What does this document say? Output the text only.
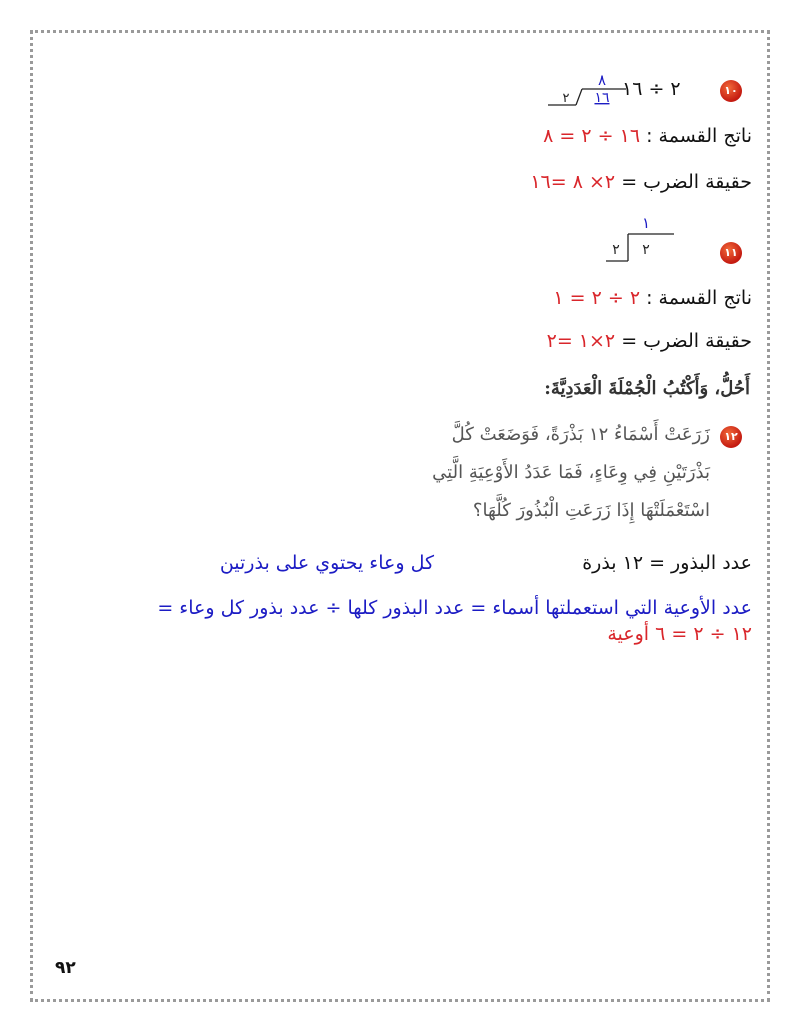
١٠
٢ ÷ ١٦
٨
١٦
٢
ناتج القسمة : ١٦ ÷ ٢ = ٨
حقيقة الضرب = ٢× ٨ =١٦
١١
١
٢
٢
ناتج القسمة : ٢ ÷ ٢ = ١
حقيقة الضرب = ٢×١ =٢
أَحُلُّ، وَأَكْتُبُ الْجُمْلَةَ الْعَدَدِيَّةَ:
١٢
زَرَعَتْ أَسْمَاءُ ١٢ بَذْرَةً، فَوَضَعَتْ كُلَّ
بَذْرَتَيْنِ فِي وِعَاءٍ، فَمَا عَدَدُ الأَوْعِيَةِ الَّتِي
اسْتَعْمَلَتْهَا إِذَا زَرَعَتِ الْبُذُورَ كُلَّهَا؟
كل وعاء يحتوي على بذرتين	عدد البذور = ١٢ بذرة
عدد الأوعية التي استعملتها أسماء = عدد البذور كلها ÷ عدد بذور كل وعاء =
١٢ ÷ ٢ = ٦ أوعية
٩٢
